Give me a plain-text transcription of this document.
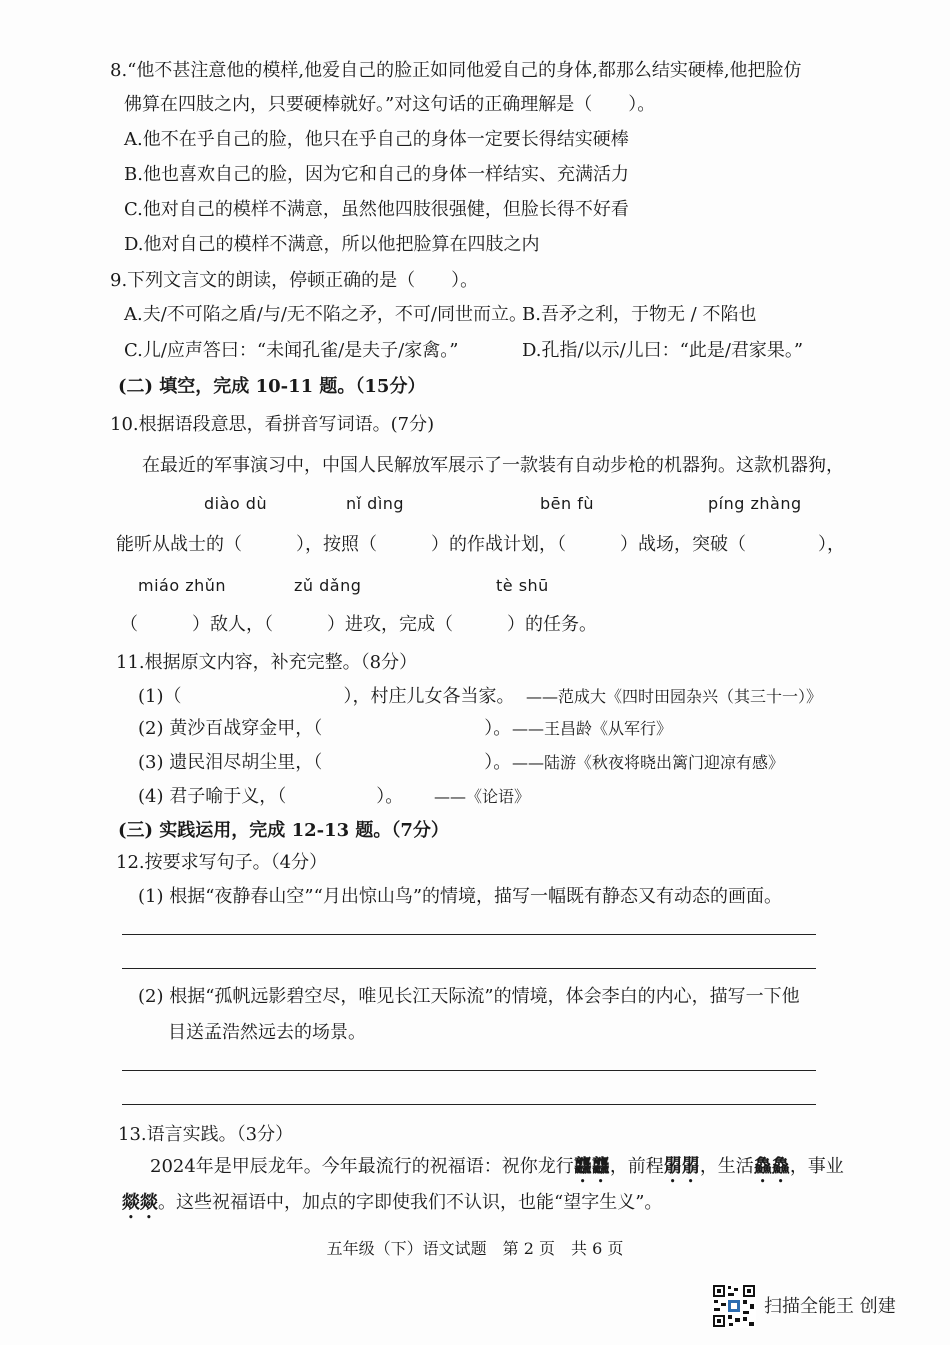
8.“他不甚注意他的模样,他爱自己的脸正如同他爱自己的身体,都那么结实硬棒,他把脸仿
佛算在四肢之内，只要硬棒就好。”对这句话的正确理解是（　　）。
A.他不在乎自己的脸，他只在乎自己的身体一定要长得结实硬棒
B.他也喜欢自己的脸，因为它和自己的身体一样结实、充满活力
C.他对自己的模样不满意，虽然他四肢很强健，但脸长得不好看
D.他对自己的模样不满意，所以他把脸算在四肢之内
9.下列文言文的朗读，停顿正确的是（　　）。
A.夫/不可陷之盾/与/无不陷之矛，不可/同世而立。
B.吾矛之利，于物无 / 不陷也
C.儿/应声答曰：“未闻孔雀/是夫子/家禽。”	D.孔指/以示/儿曰：“此是/君家果。”
(二) 填空，完成 10-11 题。（15分）
10.根据语段意思，看拼音写词语。(7分)
在最近的军事演习中，中国人民解放军展示了一款装有自动步枪的机器狗。这款机器狗，
diào dù	nǐ dìng	bēn fù	píng zhàng
能听从战士的（　　　），按照（　　　）的作战计划，（　　　）战场，突破（　　　　），
miáo zhǔn	zǔ dǎng	tè shū
（　　　）敌人，（　　　）进攻，完成（　　　）的任务。
11.根据原文内容，补充完整。（8分）
(1)（　　　　　　　　　），村庄儿女各当家。 ——范成大《四时田园杂兴（其三十一）》
(2) 黄沙百战穿金甲，（　　　　　　　　　）。 ——王昌龄《从军行》
(3) 遗民泪尽胡尘里，（　　　　　　　　　）。 ——陆游《秋夜将晓出篱门迎凉有感》
(4) 君子喻于义，（　　　　　）。 ——《论语》
(三) 实践运用，完成 12-13 题。（7分）
12.按要求写句子。（4分）
(1) 根据“夜静春山空”“月出惊山鸟”的情境，描写一幅既有静态又有动态的画面。
(2) 根据“孤帆远影碧空尽，唯见长江天际流”的情境，体会李白的内心，描写一下他
目送孟浩然远去的场景。
13.语言实践。（3分）
2024年是甲辰龙年。今年最流行的祝福语：祝你龙行龘龘，前程朤朤，生活鱻鱻，事业
燚燚。这些祝福语中，加点的字即使我们不认识，也能“望字生义”。
五年级（下）语文试题　第 2 页　共 6 页
扫描全能王 创建
